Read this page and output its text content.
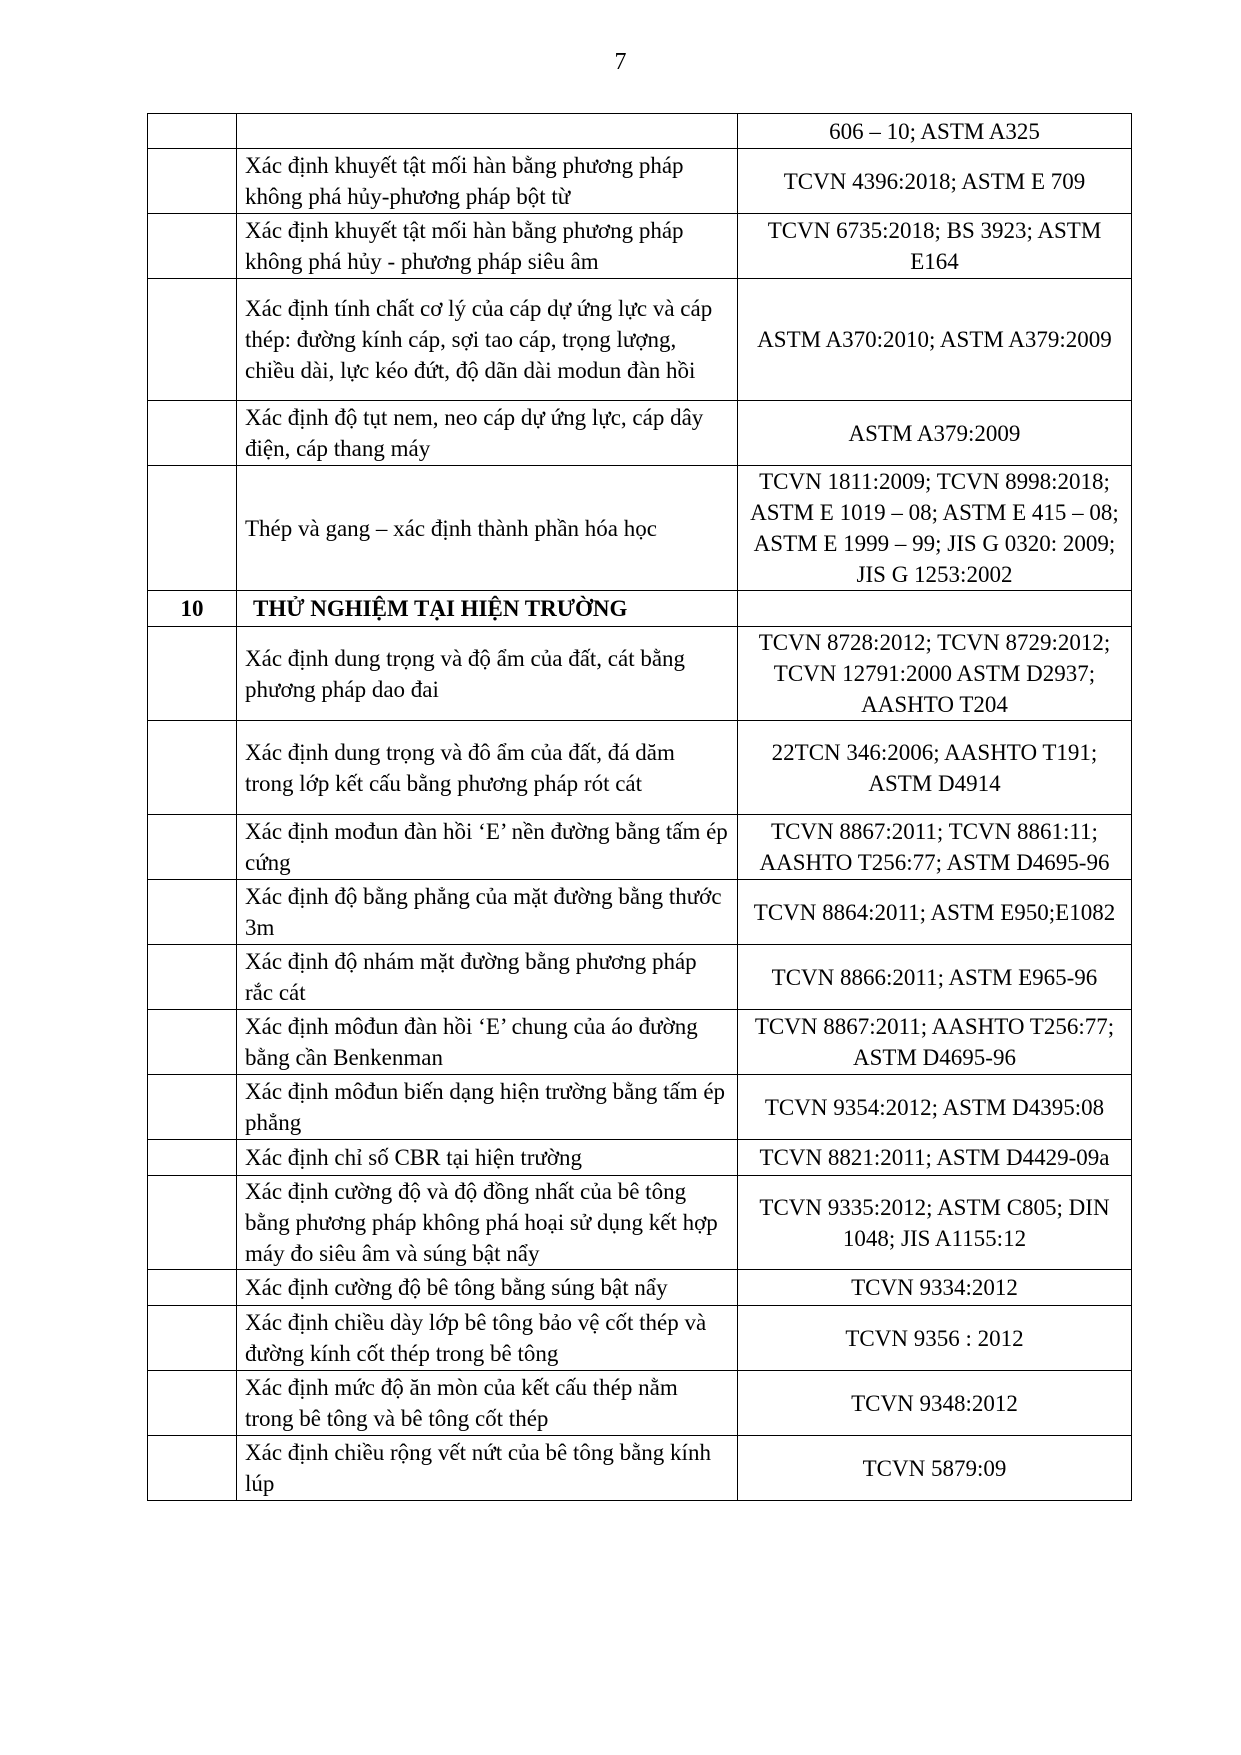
7
		606 – 10; ASTM A325
	Xác định khuyết tật mối hàn bằng phương pháp không phá hủy-phương pháp bột từ	TCVN 4396:2018; ASTM E 709
	Xác định khuyết tật mối hàn bằng phương pháp không phá hủy - phương pháp siêu âm	TCVN 6735:2018; BS 3923; ASTM E164
	Xác định tính chất cơ lý của cáp dự ứng lực và cáp thép: đường kính cáp, sợi tao cáp, trọng lượng, chiều dài, lực kéo đứt, độ dãn dài modun đàn hồi	ASTM A370:2010; ASTM A379:2009
	Xác định độ tụt nem, neo cáp dự ứng lực, cáp dây điện, cáp thang máy	ASTM A379:2009
	Thép và gang – xác định thành phần hóa học	TCVN 1811:2009; TCVN 8998:2018; ASTM E 1019 – 08; ASTM E 415 – 08; ASTM E 1999 – 99; JIS G 0320: 2009; JIS G 1253:2002
10	THỬ NGHIỆM TẠI HIỆN TRƯỜNG	
	Xác định dung trọng và độ ẩm của đất, cát bằng phương pháp dao đai	TCVN 8728:2012; TCVN 8729:2012; TCVN 12791:2000 ASTM D2937; AASHTO T204
	Xác định dung trọng và đô ẩm của đất, đá dăm trong lớp kết cấu bằng phương pháp rót cát	22TCN 346:2006; AASHTO T191; ASTM D4914
	Xác định mođun đàn hồi ‘E’ nền đường bằng tấm ép cứng	TCVN 8867:2011; TCVN 8861:11; AASHTO T256:77; ASTM D4695-96
	Xác định độ bằng phẳng của mặt đường bằng thước 3m	TCVN 8864:2011; ASTM E950;E1082
	Xác định độ nhám mặt đường bằng phương pháp rắc cát	TCVN 8866:2011; ASTM E965-96
	Xác định môđun đàn hồi ‘E’ chung của áo đường bằng cần Benkenman	TCVN 8867:2011; AASHTO T256:77; ASTM D4695-96
	Xác định môđun biến dạng hiện trường bằng tấm ép phẳng	TCVN 9354:2012; ASTM D4395:08
	Xác định chỉ số CBR tại hiện trường	TCVN 8821:2011; ASTM D4429-09a
	Xác định cường độ và độ đồng nhất của bê tông bằng phương pháp không phá hoại sử dụng kết hợp máy đo siêu âm và súng bật nẩy	TCVN 9335:2012; ASTM C805; DIN 1048; JIS A1155:12
	Xác định cường độ bê tông bằng súng bật nẩy	TCVN 9334:2012
	Xác định chiều dày lớp bê tông bảo vệ cốt thép và đường kính cốt thép trong bê tông	TCVN 9356 : 2012
	Xác định mức độ ăn mòn của kết cấu thép nằm trong bê tông và bê tông cốt thép	TCVN 9348:2012
	Xác định chiều rộng vết nứt của bê tông bằng kính lúp	TCVN 5879:09
